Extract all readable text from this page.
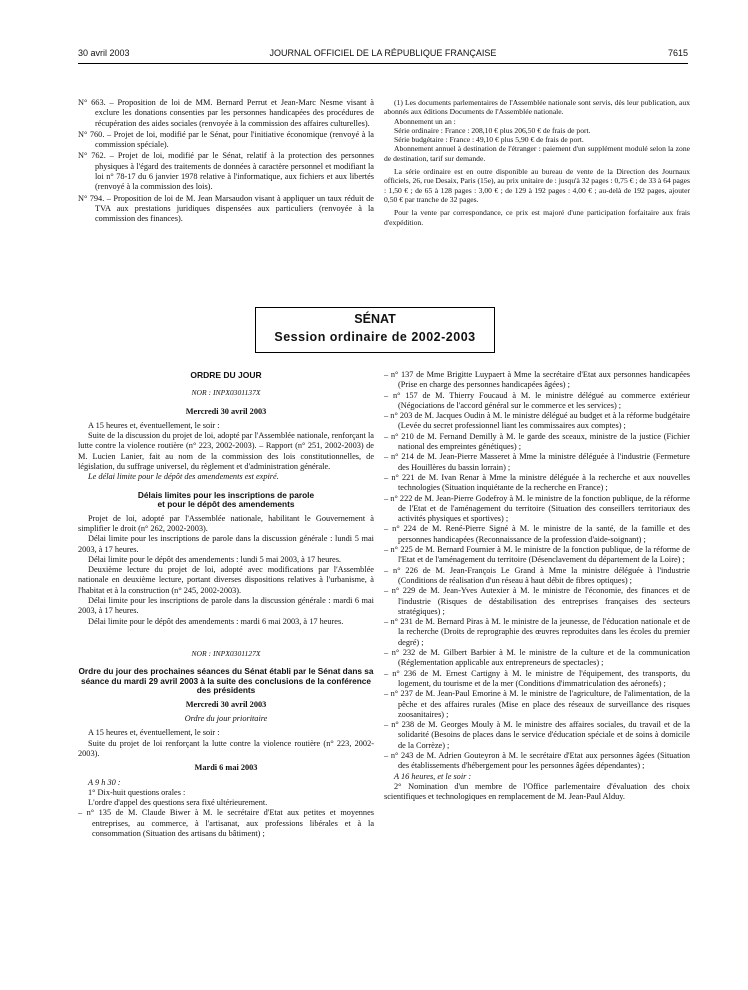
30 avril 2003	JOURNAL OFFICIEL DE LA RÉPUBLIQUE FRANÇAISE	7615

N° 663. – Proposition de loi de MM. Bernard Perrut et Jean-Marc Nesme visant à exclure les donations consenties par les personnes handicapées des procédures de récupération des aides sociales (renvoyée à la commission des affaires culturelles).

N° 760. – Projet de loi, modifié par le Sénat, pour l'initiative économique (renvoyé à la commission spéciale).

N° 762. – Projet de loi, modifié par le Sénat, relatif à la protection des personnes physiques à l'égard des traitements de données à caractère personnel et modifiant la loi n° 78-17 du 6 janvier 1978 relative à l'informatique, aux fichiers et aux libertés (renvoyé à la commission des lois).

N° 794. – Proposition de loi de M. Jean Marsaudon visant à appliquer un taux réduit de TVA aux prestations juridiques dispensées aux particuliers (renvoyée à la commission des finances).

(1) Les documents parlementaires de l'Assemblée nationale sont servis, dès leur publication, aux abonnés aux éditions Documents de l'Assemblée nationale.

Abonnement un an :

Série ordinaire : France : 208,10 € plus 206,50 € de frais de port.

Série budgétaire : France : 49,10 € plus 5,90 € de frais de port.

Abonnement annuel à destination de l'étranger : paiement d'un supplément modulé selon la zone de destination, tarif sur demande.

La série ordinaire est en outre disponible au bureau de vente de la Direction des Journaux officiels, 26, rue Desaix, Paris (15e), au prix unitaire de : jusqu'à 32 pages : 0,75 € ; de 33 à 64 pages : 1,50 € ; de 65 à 128 pages : 3,00 € ; de 129 à 192 pages : 4,00 € ; au-delà de 192 pages, ajouter 0,50 € par tranche de 32 pages.

Pour la vente par correspondance, ce prix est majoré d'une participation forfaitaire aux frais d'expédition.

SÉNAT
Session ordinaire de 2002-2003

ORDRE DU JOUR

NOR : INPX0301137X

Mercredi 30 avril 2003

A 15 heures et, éventuellement, le soir :

Suite de la discussion du projet de loi, adopté par l'Assemblée nationale, renforçant la lutte contre la violence routière (n° 223, 2002-2003). – Rapport (n° 251, 2002-2003) de M. Lucien Lanier, fait au nom de la commission des lois constitutionnelles, de législation, du suffrage universel, du règlement et d'administration générale.

Le délai limite pour le dépôt des amendements est expiré.

Délais limites pour les inscriptions de parole

et pour le dépôt des amendements

Projet de loi, adopté par l'Assemblée nationale, habilitant le Gouvernement à simplifier le droit (n° 262, 2002-2003).

Délai limite pour les inscriptions de parole dans la discussion générale : lundi 5 mai 2003, à 17 heures.

Délai limite pour le dépôt des amendements : lundi 5 mai 2003, à 17 heures.

Deuxième lecture du projet de loi, adopté avec modifications par l'Assemblée nationale en deuxième lecture, portant diverses dispositions relatives à l'urbanisme, à l'habitat et à la construction (n° 245, 2002-2003).

Délai limite pour les inscriptions de parole dans la discussion générale : mardi 6 mai 2003, à 17 heures.

Délai limite pour le dépôt des amendements : mardi 6 mai 2003, à 17 heures.

NOR : INPX0301127X

Ordre du jour des prochaines séances du Sénat établi par le Sénat dans sa séance du mardi 29 avril 2003 à la suite des conclusions de la conférence des présidents

Mercredi 30 avril 2003

Ordre du jour prioritaire

A 15 heures et, éventuellement, le soir :

Suite du projet de loi renforçant la lutte contre la violence routière (n° 223, 2002-2003).

Mardi 6 mai 2003

A 9 h 30 :

1° Dix-huit questions orales :

L'ordre d'appel des questions sera fixé ultérieurement.

– n° 135 de M. Claude Biwer à M. le secrétaire d'Etat aux petites et moyennes entreprises, au commerce, à l'artisanat, aux professions libérales et à la consommation (Situation des artisans du bâtiment) ;

– n° 137 de Mme Brigitte Luypaert à Mme la secrétaire d'Etat aux personnes handicapées (Prise en charge des personnes handicapées âgées) ;

– n° 157 de M. Thierry Foucaud à M. le ministre délégué au commerce extérieur (Négociations de l'accord général sur le commerce et les services) ;

– n° 203 de M. Jacques Oudin à M. le ministre délégué au budget et à la réforme budgétaire (Levée du secret professionnel liant les commissaires aux comptes) ;

– n° 210 de M. Fernand Demilly à M. le garde des sceaux, ministre de la justice (Fichier national des empreintes génétiques) ;

– n° 214 de M. Jean-Pierre Masseret à Mme la ministre déléguée à l'industrie (Fermeture des Houillères du bassin lorrain) ;

– n° 221 de M. Ivan Renar à Mme la ministre déléguée à la recherche et aux nouvelles technologies (Situation inquiétante de la recherche en France) ;

– n° 222 de M. Jean-Pierre Godefroy à M. le ministre de la fonction publique, de la réforme de l'Etat et de l'aménagement du territoire (Situation des conseillers territoriaux des activités physiques et sportives) ;

– n° 224 de M. René-Pierre Signé à M. le ministre de la santé, de la famille et des personnes handicapées (Reconnaissance de la profession d'aide-soignant) ;

– n° 225 de M. Bernard Fournier à M. le ministre de la fonction publique, de la réforme de l'Etat et de l'aménagement du territoire (Désenclavement du département de la Loire) ;

– n° 226 de M. Jean-François Le Grand à Mme la ministre déléguée à l'industrie (Conditions de réalisation d'un réseau à haut débit de fibres optiques) ;

– n° 229 de M. Jean-Yves Autexier à M. le ministre de l'économie, des finances et de l'industrie (Risques de déstabilisation des entreprises françaises des secteurs stratégiques) ;

– n° 231 de M. Bernard Piras à M. le ministre de la jeunesse, de l'éducation nationale et de la recherche (Droits de reprographie des œuvres reproduites dans les écoles du premier degré) ;

– n° 232 de M. Gilbert Barbier à M. le ministre de la culture et de la communication (Réglementation applicable aux entrepreneurs de spectacles) ;

– n° 236 de M. Ernest Cartigny à M. le ministre de l'équipement, des transports, du logement, du tourisme et de la mer (Conditions d'immatriculation des aéronefs) ;

– n° 237 de M. Jean-Paul Emorine à M. le ministre de l'agriculture, de l'alimentation, de la pêche et des affaires rurales (Mise en place des réseaux de surveillance des risques zoosanitaires) ;

– n° 238 de M. Georges Mouly à M. le ministre des affaires sociales, du travail et de la solidarité (Besoins de places dans le service d'éducation spéciale et de soins à domicile de la Corrèze) ;

– n° 243 de M. Adrien Gouteyron à M. le secrétaire d'Etat aux personnes âgées (Situation des établissements d'hébergement pour les personnes âgées dépendantes) ;

A 16 heures, et le soir :

2° Nomination d'un membre de l'Office parlementaire d'évaluation des choix scientifiques et technologiques en remplacement de M. Jean-Paul Alduy.
